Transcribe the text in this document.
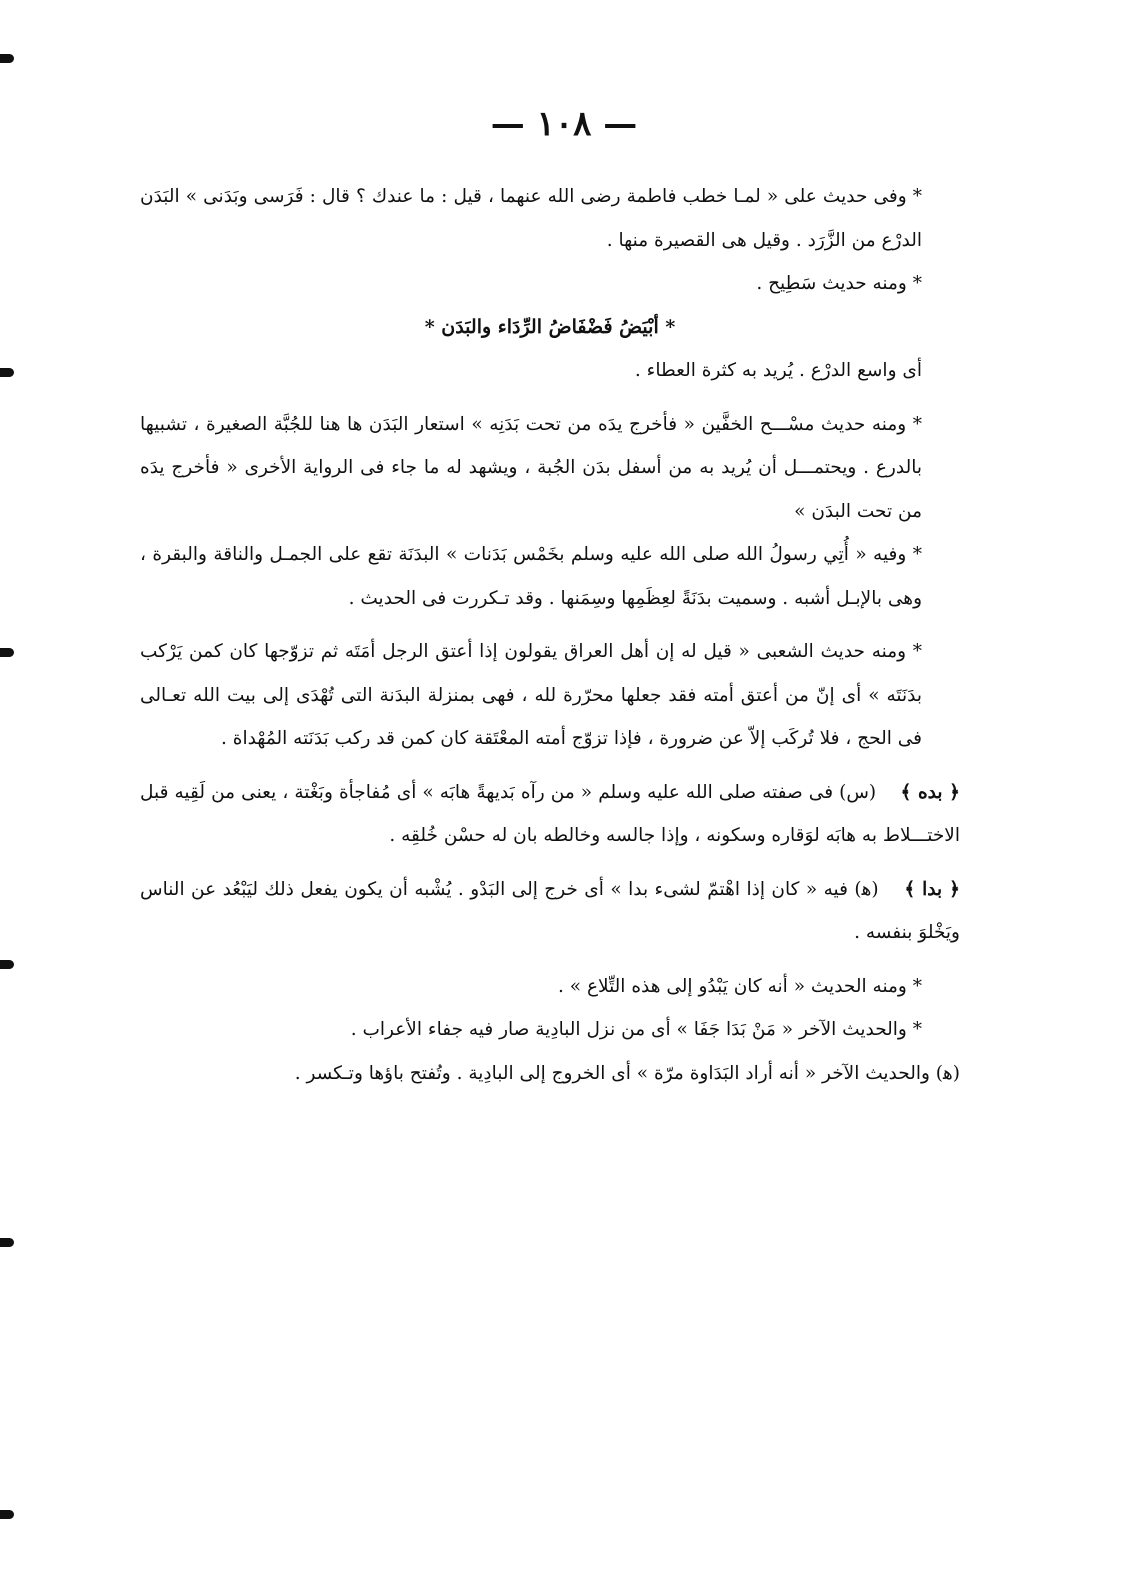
— ١٠٨ —

* وفى حديث على « لمـا خطب فاطمة رضى الله عنهما ، قيل : ما عندك ؟ قال : فَرَسى وبَدَنى » البَدَن الدرْع من الزَّرَد . وقيل هى القصيرة منها .

* ومنه حديث سَطِيح .

* أبْيَضُ فَضْفَاضُ الرِّدَاء والبَدَن *

أى واسع الدرْع . يُريد به كثرة العطاء .

* ومنه حديث مسْـــح الخفَّين « فأخرج يدَه من تحت بَدَنِه » استعار البَدَن ها هنا للجُبَّة الصغيرة ، تشبيها بالدرع . ويحتمـــل أن يُريد به من أسفل بدَن الجُبة ، ويشهد له ما جاء فى الرواية الأخرى « فأخرج يدَه من تحت البدَن »

* وفيه « أُتِي رسولُ الله صلى الله عليه وسلم بخَمْس بَدَنات » البدَنَة تقع على الجمـل والناقة والبقرة ، وهى بالإبـل أشبه . وسميت بدَنَةً لعِظَمِها وسِمَنها . وقد تـكررت فى الحديث .

* ومنه حديث الشعبى « قيل له إن أهل العراق يقولون إذا أعتق الرجل أمَتَه ثم تزوّجها كان كمن يَرْكب بدَنَتَه » أى إنّ من أعتق أمته فقد جعلها محرّرة لله ، فهى بمنزلة البدَنة التى تُهْدَى إلى بيت الله تعـالى فى الحج ، فلا تُركَب إلاّ عن ضرورة ، فإذا تزوّج أمته المعْتَقة كان كمن قد ركب بَدَنَته المُهْداة .

﴿ بده ﴾    (س) فى صفته صلى الله عليه وسلم « من رآه بَديهةً هابَه » أى مُفاجأة وبَغْتة ، يعنى من لَقِيه قبل الاختـــلاط به هابَه لوَقاره وسكونه ، وإذا جالسه وخالطه بان له حسْن خُلقِه .

﴿ بدا ﴾    (ﻫ) فيه « كان إذا اهْتمّ لشىء بدا » أى خرج إلى البَدْو . يُشْبه أن يكون يفعل ذلك ليَبْعُد عن الناس ويَخْلوَ بنفسه .

* ومنه الحديث « أنه كان يَبْدُو إلى هذه التِّلاع » .

* والحديث الآخر « مَنْ بَدَا جَفَا » أى من نزل البادِية صار فيه جفاء الأعراب .

(ﻫ) والحديث الآخر « أنه أراد البَدَاوة مرّة » أى الخروج إلى البادِية . وتُفتح باؤها وتـكسر .
